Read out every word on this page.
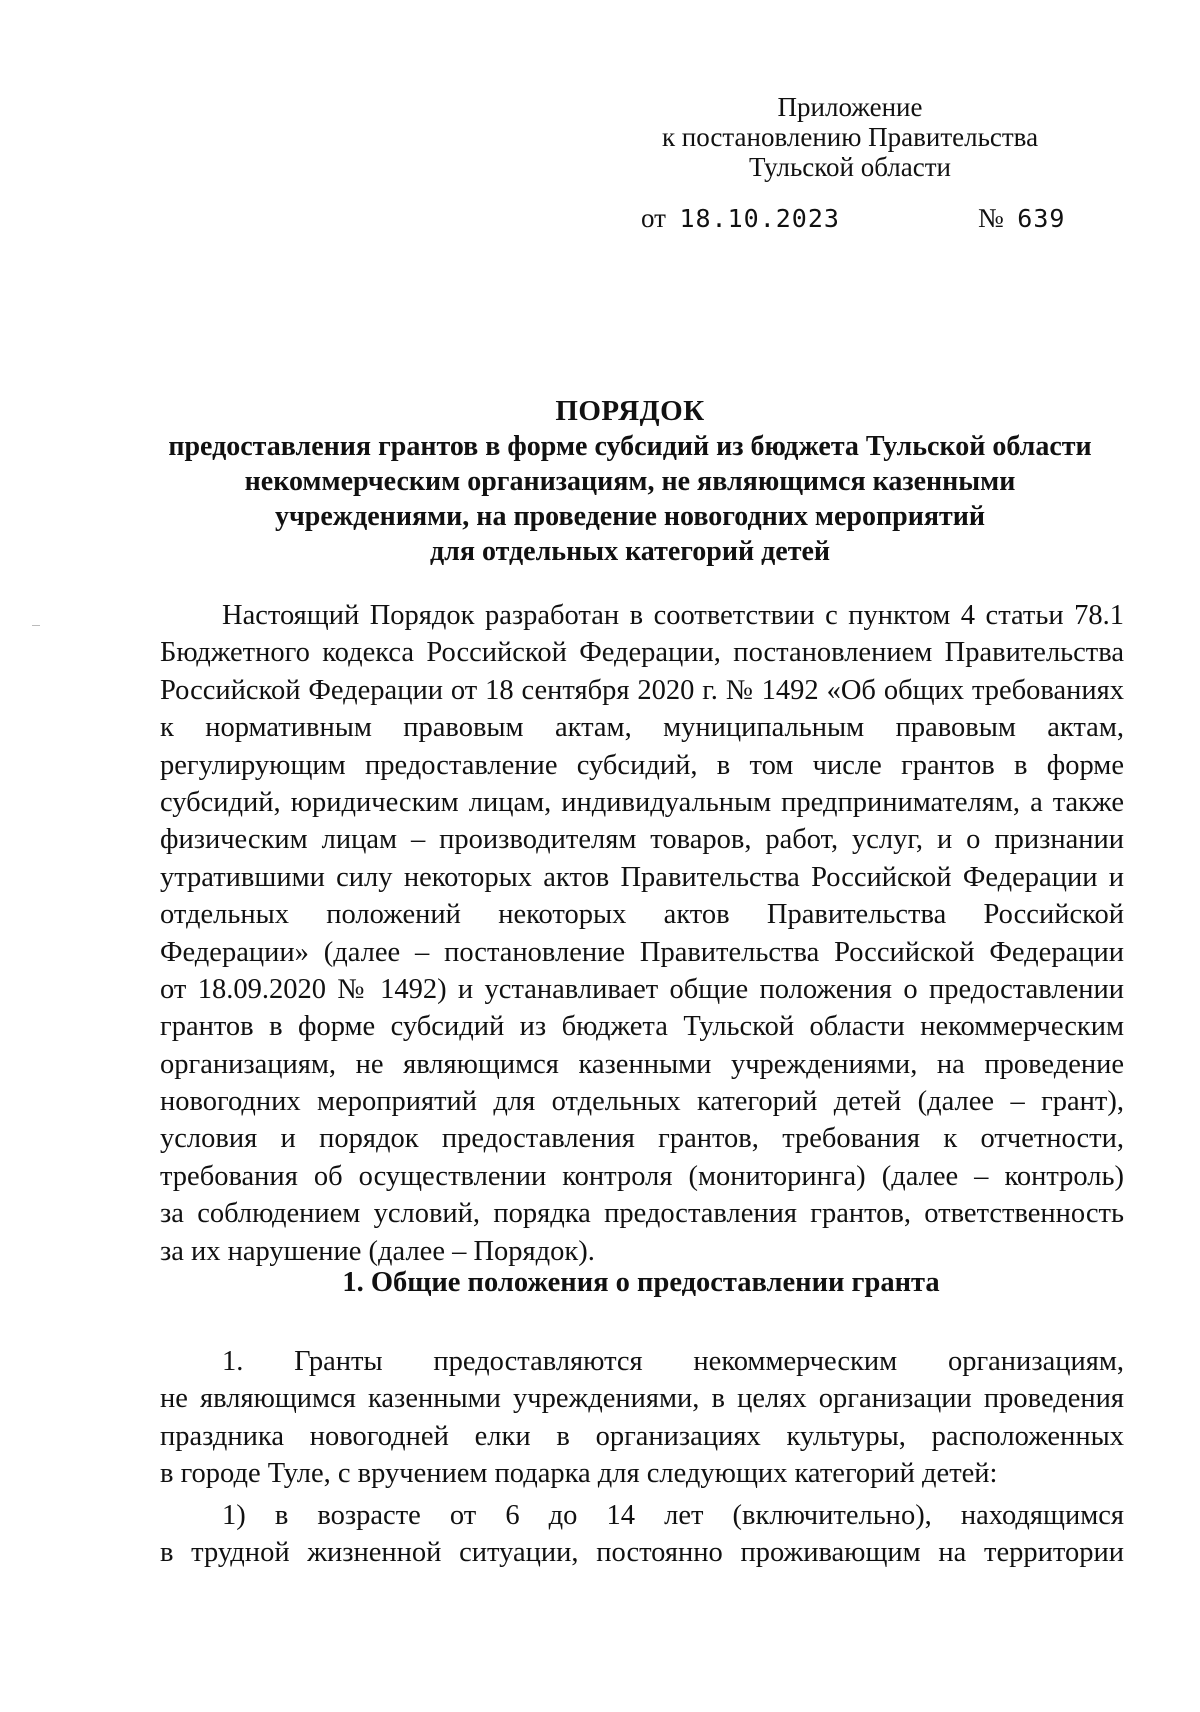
Приложение
к постановлению Правительства
Тульской области
от 18.10.2023	№ 639
ПОРЯДОК
предоставления грантов в форме субсидий из бюджета Тульской области
некоммерческим организациям, не являющимся казенными
учреждениями, на проведение новогодних мероприятий
для отдельных категорий детей
Настоящий Порядок разработан в соответствии с пунктом 4 статьи 78.1
Бюджетного кодекса Российской Федерации, постановлением Правительства
Российской Федерации от 18 сентября 2020 г. № 1492 «Об общих требованиях
к нормативным правовым актам, муниципальным правовым актам,
регулирующим предоставление субсидий, в том числе грантов в форме
субсидий, юридическим лицам, индивидуальным предпринимателям, а также
физическим лицам – производителям товаров, работ, услуг, и о признании
утратившими силу некоторых актов Правительства Российской Федерации и
отдельных положений некоторых актов Правительства Российской
Федерации» (далее – постановление Правительства Российской Федерации
от 18.09.2020 № 1492) и устанавливает общие положения о предоставлении
грантов в форме субсидий из бюджета Тульской области некоммерческим
организациям, не являющимся казенными учреждениями, на проведение
новогодних мероприятий для отдельных категорий детей (далее – грант),
условия и порядок предоставления грантов, требования к отчетности,
требования об осуществлении контроля (мониторинга) (далее – контроль)
за соблюдением условий, порядка предоставления грантов, ответственность
за их нарушение (далее – Порядок).
1. Общие положения о предоставлении гранта
1. Гранты предоставляются некоммерческим организациям,
не являющимся казенными учреждениями, в целях организации проведения
праздника новогодней елки в организациях культуры, расположенных
в городе Туле, с вручением подарка для следующих категорий детей:
1) в возрасте от 6 до 14 лет (включительно), находящимся
в трудной жизненной ситуации, постоянно проживающим на территории
